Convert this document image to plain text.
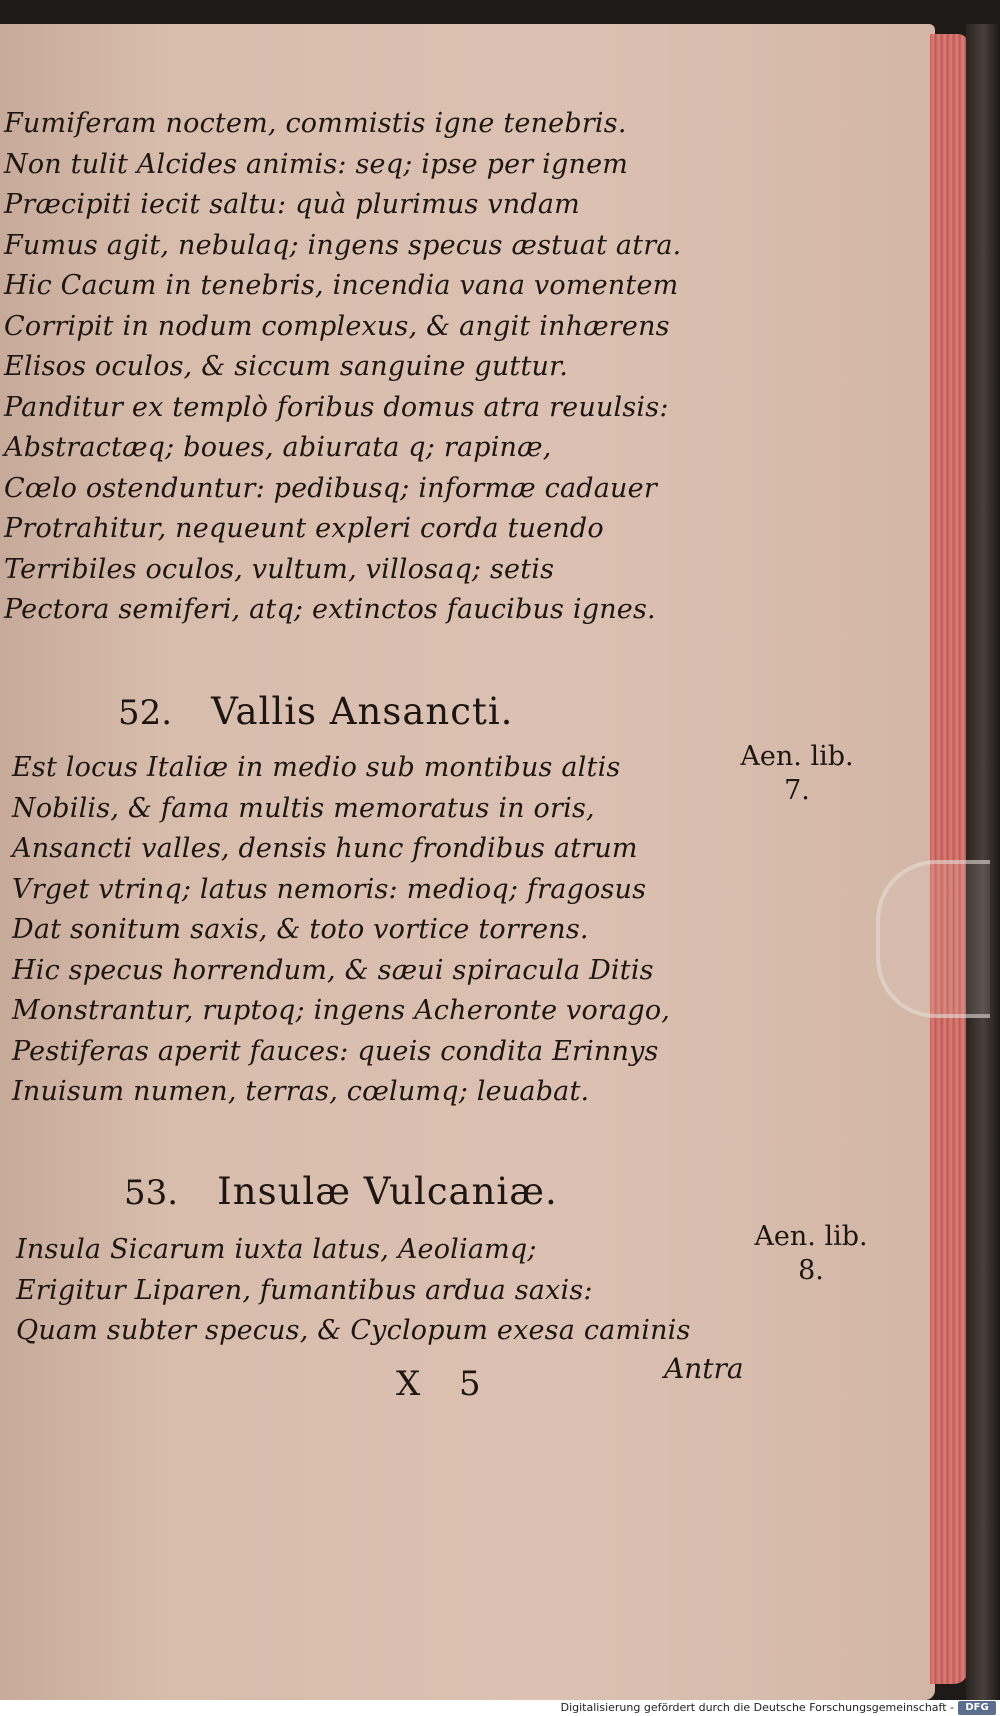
Fumiferam noctem, commistis igne tenebris.
Non tulit Alcides animis: seq; ipse per ignem
Præcipiti iecit saltu: quà plurimus vndam
Fumus agit, nebulaq; ingens specus æstuat atra.
Hic Cacum in tenebris, incendia vana vomentem
Corripit in nodum complexus, & angit inhærens
Elisos oculos, & siccum sanguine guttur.
Panditur ex templò foribus domus atra reuulsis:
Abstractæq; boues, abiurata q; rapinæ,
Cœlo ostenduntur: pedibusq; informæ cadauer
Protrahitur, nequeunt expleri corda tuendo
Terribiles oculos, vultum, villosaq; setis
Pectora semiferi, atq; extinctos faucibus ignes.
52. Vallis Ansancti.
Aen. lib.
7.
Est locus Italiæ in medio sub montibus altis
Nobilis, & fama multis memoratus in oris,
Ansancti valles, densis hunc frondibus atrum
Vrget vtrinq; latus nemoris: medioq; fragosus
Dat sonitum saxis, & toto vortice torrens.
Hic specus horrendum, & sæui spiracula Ditis
Monstrantur, ruptoq; ingens Acheronte vorago,
Pestiferas aperit fauces: queis condita Erinnys
Inuisum numen, terras, cœlumq; leuabat.
53. Insulæ Vulcaniæ.
Aen. lib.
8.
Insula Sicarum iuxta latus, Aeoliamq;
Erigitur Liparen, fumantibus ardua saxis:
Quam subter specus, & Cyclopum exesa caminis
X 5	Antra
Digitalisierung gefördert durch die Deutsche Forschungsgemeinschaft -	DFG
